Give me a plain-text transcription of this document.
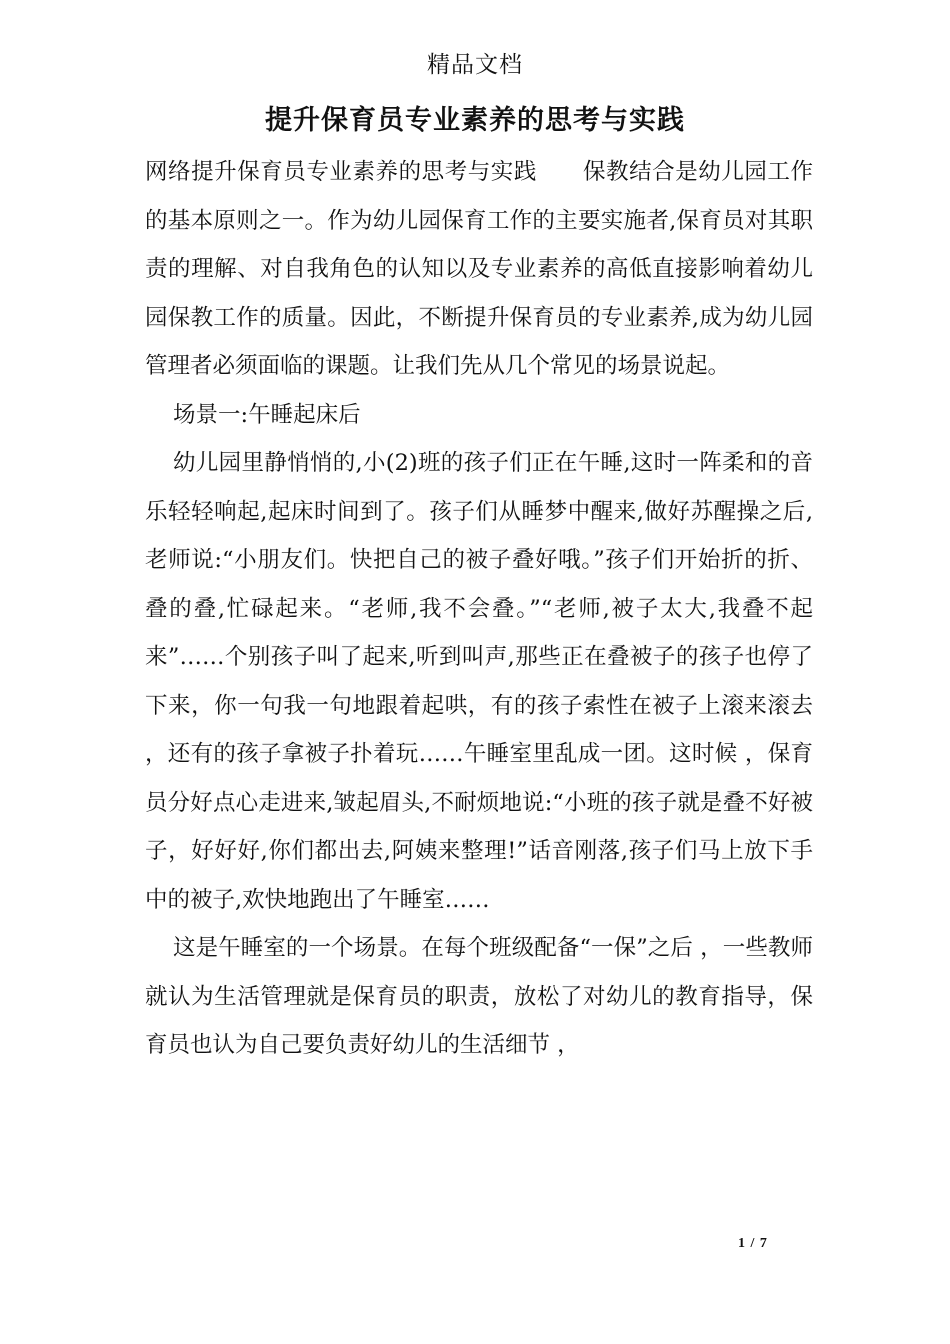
精品文档
提升保育员专业素养的思考与实践

网络提升保育员专业素养的思考与实践　　保教结合是幼儿园工作的基本原则之一。作为幼儿园保育工作的主要实施者,保育员对其职责的理解、对自我角色的认知以及专业素养的高低直接影响着幼儿园保教工作的质量。因此，不断提升保育员的专业素养,成为幼儿园管理者必须面临的课题。让我们先从几个常见的场景说起。

场景一:午睡起床后

幼儿园里静悄悄的,小(2)班的孩子们正在午睡,这时一阵柔和的音乐轻轻响起,起床时间到了。孩子们从睡梦中醒来,做好苏醒操之后,老师说:“小朋友们。快把自己的被子叠好哦。”孩子们开始折的折、叠的叠,忙碌起来。“老师,我不会叠。”“老师,被子太大,我叠不起来”……个别孩子叫了起来,听到叫声,那些正在叠被子的孩子也停了下来，你一句我一句地跟着起哄，有的孩子索性在被子上滚来滚去 ，还有的孩子拿被子扑着玩……午睡室里乱成一团。这时候 ，保育员分好点心走进来,皱起眉头,不耐烦地说:“小班的孩子就是叠不好被子，好好好,你们都出去,阿姨来整理!”话音刚落,孩子们马上放下手中的被子,欢快地跑出了午睡室……

这是午睡室的一个场景。在每个班级配备“一保”之后 ，一些教师就认为生活管理就是保育员的职责，放松了对幼儿的教育指导，保育员也认为自己要负责好幼儿的生活细节 ，

1 / 7
